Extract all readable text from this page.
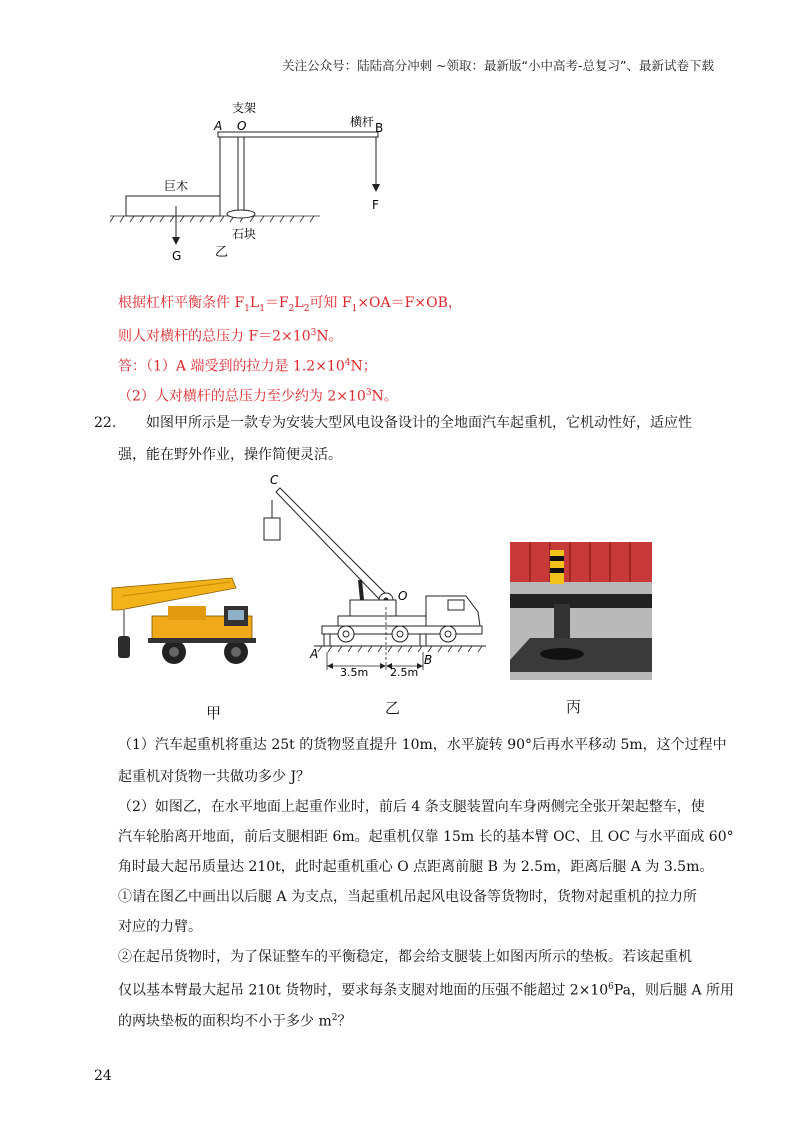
关注公众号：陆陆高分冲刺 ~领取：最新版“小中高考-总复习”、最新试卷下载
支架
A O	横杆 B
F
巨木
G
石块
乙
根据杠杆平衡条件 $F_1L_1=F_2L_2$可知 $F_1\times OA=F\times OB$，
则人对横杆的总压力 $F=2\times 10^3N$。
答：（1）A 端受到的拉力是 $1.2\times 10^4N$；
（2）人对横杆的总压力至少约为 $2\times 10^3N$。
22. 如图甲所示是一款专为安装大型风电设备设计的全地面汽车起重机，它机动性好，适应性
强，能在野外作业，操作简便灵活。
C
O
A	B
3.5m 2.5m
甲	乙	丙
（1）汽车起重机将重达 25t 的货物竖直提升 10m，水平旋转 90°后再水平移动 5m，这个过程中
起重机对货物一共做功多少 J？
（2）如图乙，在水平地面上起重作业时，前后 4 条支腿装置向车身两侧完全张开架起整车，使
汽车轮胎离开地面，前后支腿相距 6m。起重机仅靠 15m 长的基本臂 OC、且 OC 与水平面成 60°
角时最大起吊质量达 210t，此时起重机重心 O 点距离前腿 B 为 2.5m，距离后腿 A 为 3.5m。
①请在图乙中画出以后腿 A 为支点，当起重机吊起风电设备等货物时，货物对起重机的拉力所
对应的力臂。
②在起吊货物时，为了保证整车的平衡稳定，都会给支腿装上如图丙所示的垫板。若该起重机
仅以基本臂最大起吊 210t 货物时，要求每条支腿对地面的压强不能超过 $2\times 10^6Pa$，则后腿 A 所用
的两块垫板的面积均不小于多少 $m^2$？
24
